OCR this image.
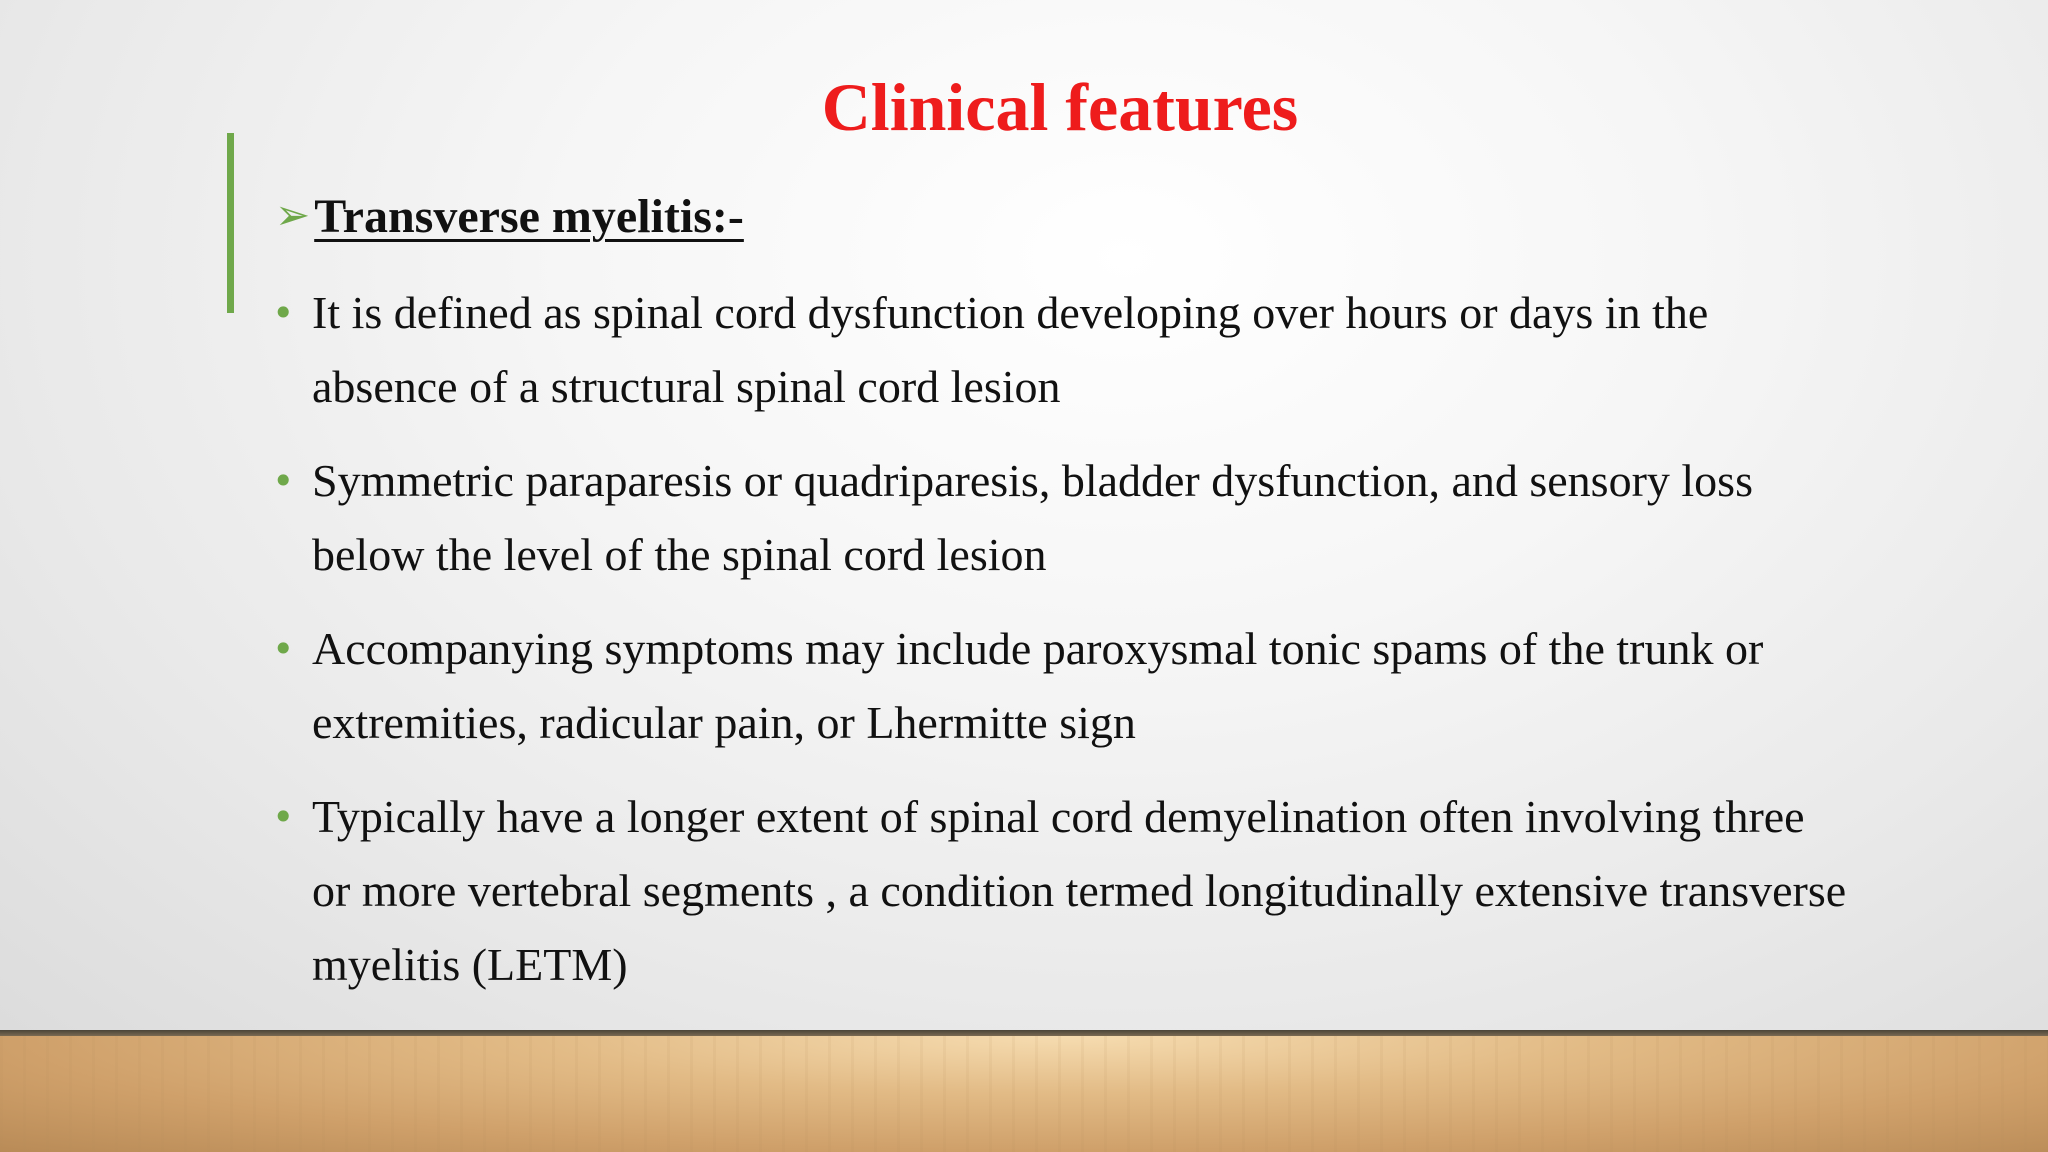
Clinical features
➢Transverse myelitis:-
• It is defined as spinal cord dysfunction developing over hours or days in the absence of a structural spinal cord lesion
• Symmetric paraparesis or quadriparesis, bladder dysfunction, and sensory loss below the level of the spinal cord lesion
• Accompanying symptoms may include paroxysmal tonic spams of the trunk or extremities, radicular pain, or Lhermitte sign
• Typically have a longer extent of spinal cord demyelination often involving three or more vertebral segments , a condition termed longitudinally extensive transverse myelitis (LETM)
